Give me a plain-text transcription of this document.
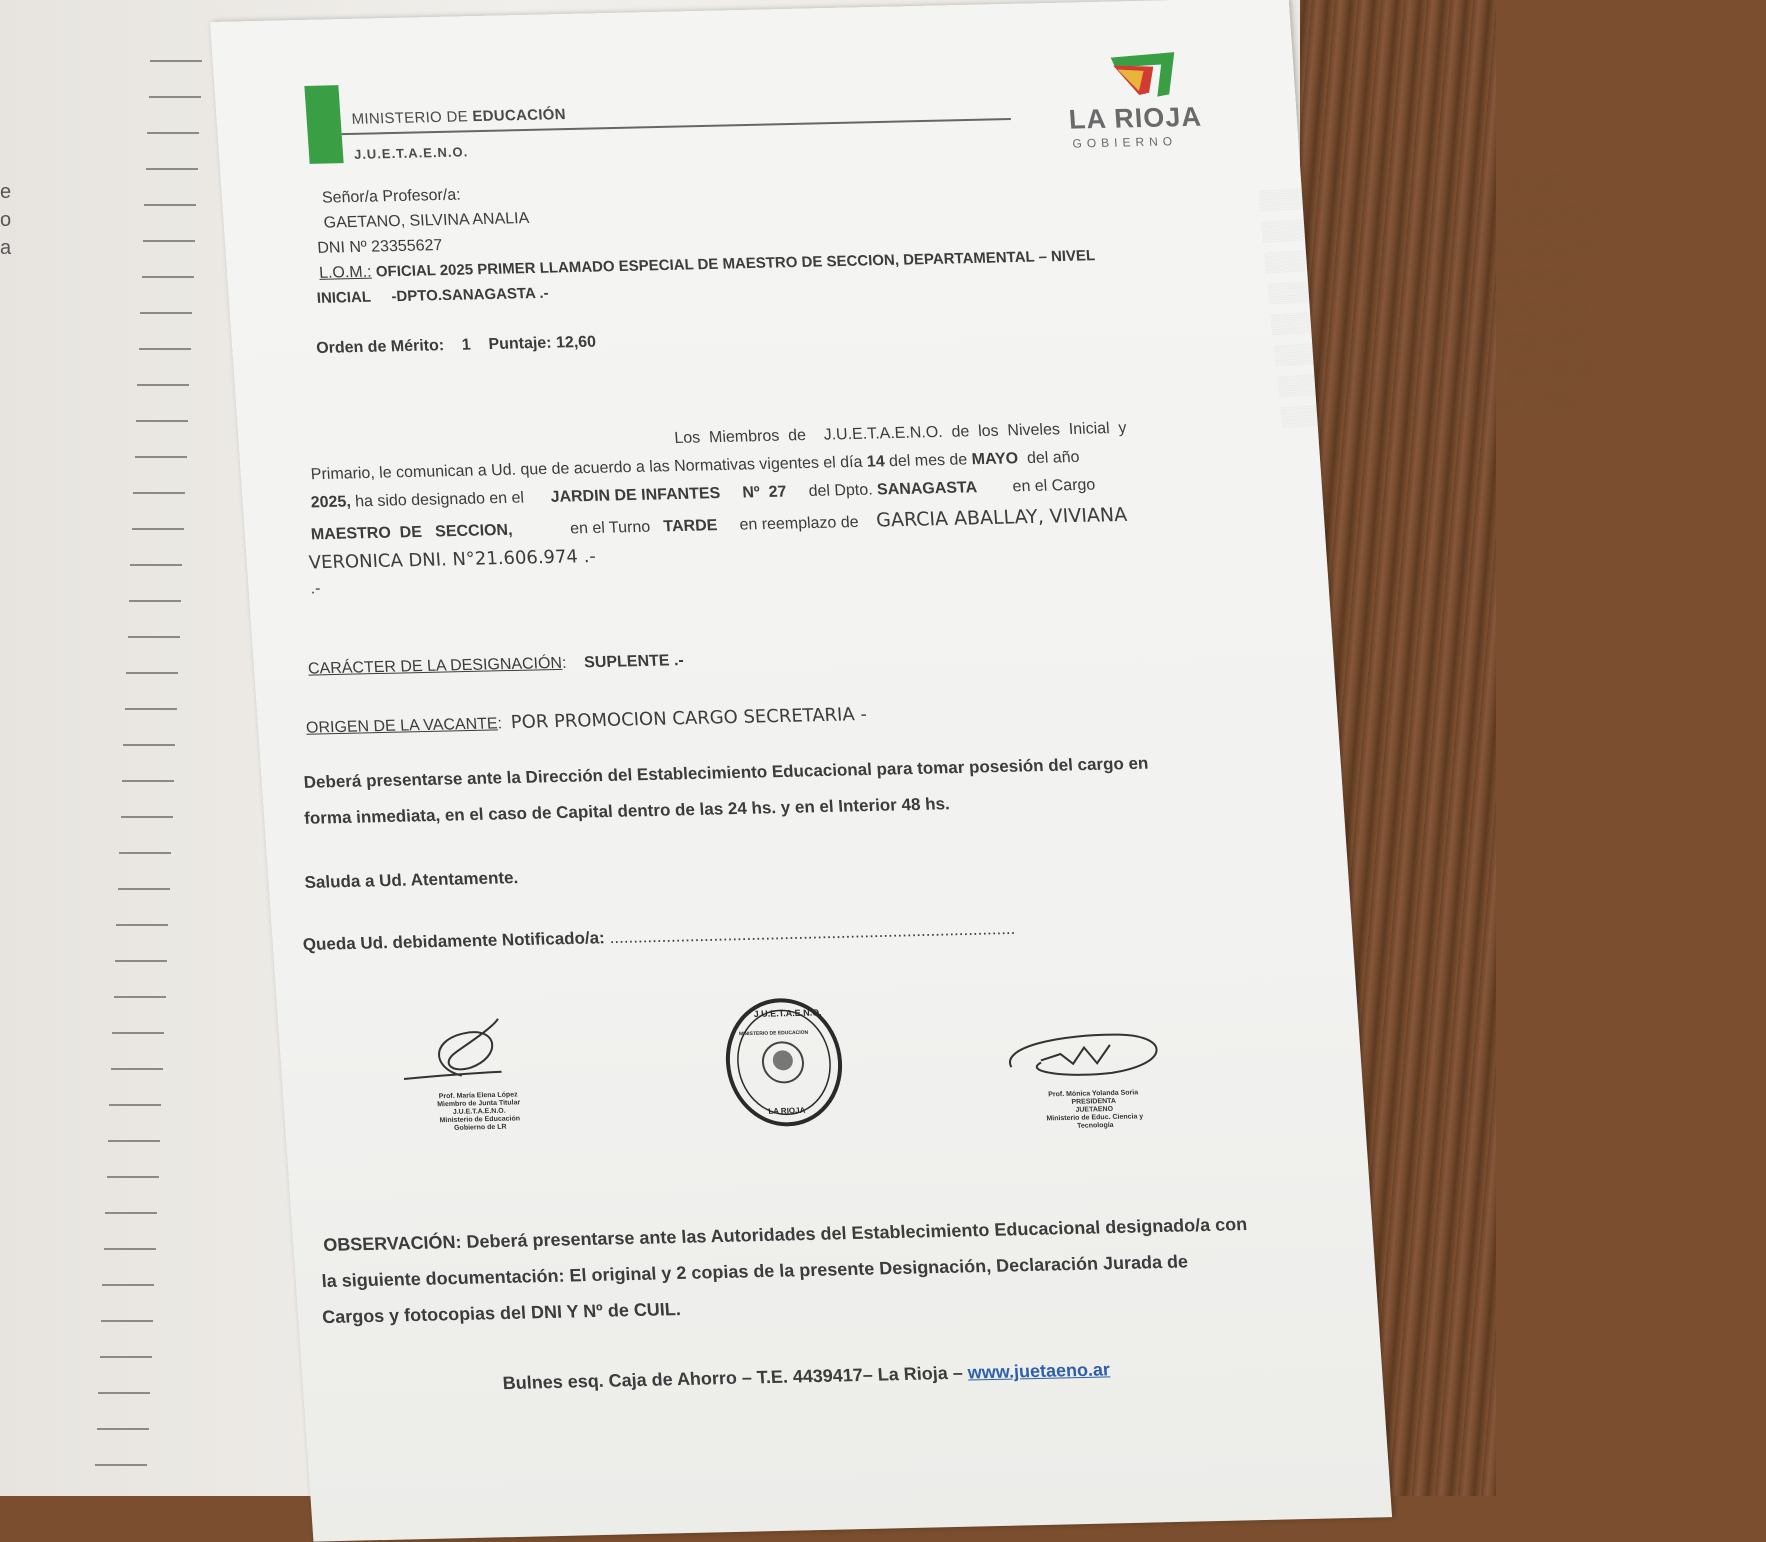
e
o
a
MINISTERIO DE EDUCACIÓN
J.U.E.T.A.E.N.O.
LA RIOJA
GOBIERNO
▒▒▒▒▒ ▒▒▒▒▒▒▒ ▒▒ ▒▒▒ ▒▒▒▒
▒▒▒▒▒▒▒ ▒▒▒▒ ▒▒▒▒▒ ▒▒ ▒▒▒▒▒▒
▒▒▒▒▒ ▒▒▒ ▒▒▒▒▒▒▒▒ ▒▒ ▒▒▒▒▒
▒▒▒▒▒▒ ▒▒▒ ▒▒▒▒▒ ▒▒▒▒▒▒▒▒
▒▒▒▒▒ ▒▒ ▒▒▒▒▒▒ ▒▒▒▒▒▒ ▒▒▒
▒▒▒▒▒▒▒ ▒▒▒▒▒ ▒▒▒ ▒▒▒▒▒▒▒
▒▒▒▒ ▒▒▒▒▒▒ ▒▒▒▒▒▒ ▒▒ ▒▒▒▒
▒▒▒▒▒▒ ▒▒▒ ▒▒▒▒▒▒▒▒ ▒▒▒▒
Señor/a Profesor/a:
GAETANO, SILVINA ANALIA
DNI Nº 23355627
L.O.M.: OFICIAL 2025 PRIMER LLAMADO ESPECIAL DE MAESTRO DE SECCION, DEPARTAMENTAL – NIVEL
INICIAL     -DPTO.SANAGASTA .-
Orden de Mérito: 1 Puntaje: 12,60
Los  Miembros  de    J.U.E.T.A.E.N.O.  de  los  Niveles  Inicial  y
Primario, le comunican a Ud. que de acuerdo a las Normativas vigentes el día 14 del mes de MAYO del año
2025, ha sido designado en el JARDIN DE INFANTES     Nº  27 del Dpto. SANAGASTA en el Cargo
MAESTRO  DE   SECCION,	en el Turno TARDE en reemplazo de GARCIA ABALLAY, VIVIANA
VERONICA DNI. N°21.606.974 .-
.-
CARÁCTER DE LA DESIGNACIÓN:    SUPLENTE .-
ORIGEN DE LA VACANTE:  POR PROMOCION CARGO SECRETARIA -
Deberá presentarse ante la Dirección del Establecimiento Educacional para tomar posesión del cargo en
forma inmediata, en el caso de Capital dentro de las 24 hs. y en el Interior 48 hs.
Saluda a Ud. Atentamente.
Queda Ud. debidamente Notificado/a: ......................................................................................
Prof. María Elena López
Miembro de Junta Titular
J.U.E.T.A.E.N.O.
Ministerio de Educación
Gobierno de LR
J.U.E.T.A.E.N.O.
MINISTERIO DE EDUCACION
LA RIOJA
Prof. Mónica Yolanda Soria
PRESIDENTA
JUETAENO
Ministerio de Educ. Ciencia y Tecnología
OBSERVACIÓN: Deberá presentarse ante las Autoridades del Establecimiento Educacional designado/a con
la siguiente documentación: El original y 2 copias de la presente Designación, Declaración Jurada de
Cargos y fotocopias del DNI Y Nº de CUIL.
Bulnes esq. Caja de Ahorro – T.E. 4439417– La Rioja – www.juetaeno.ar
